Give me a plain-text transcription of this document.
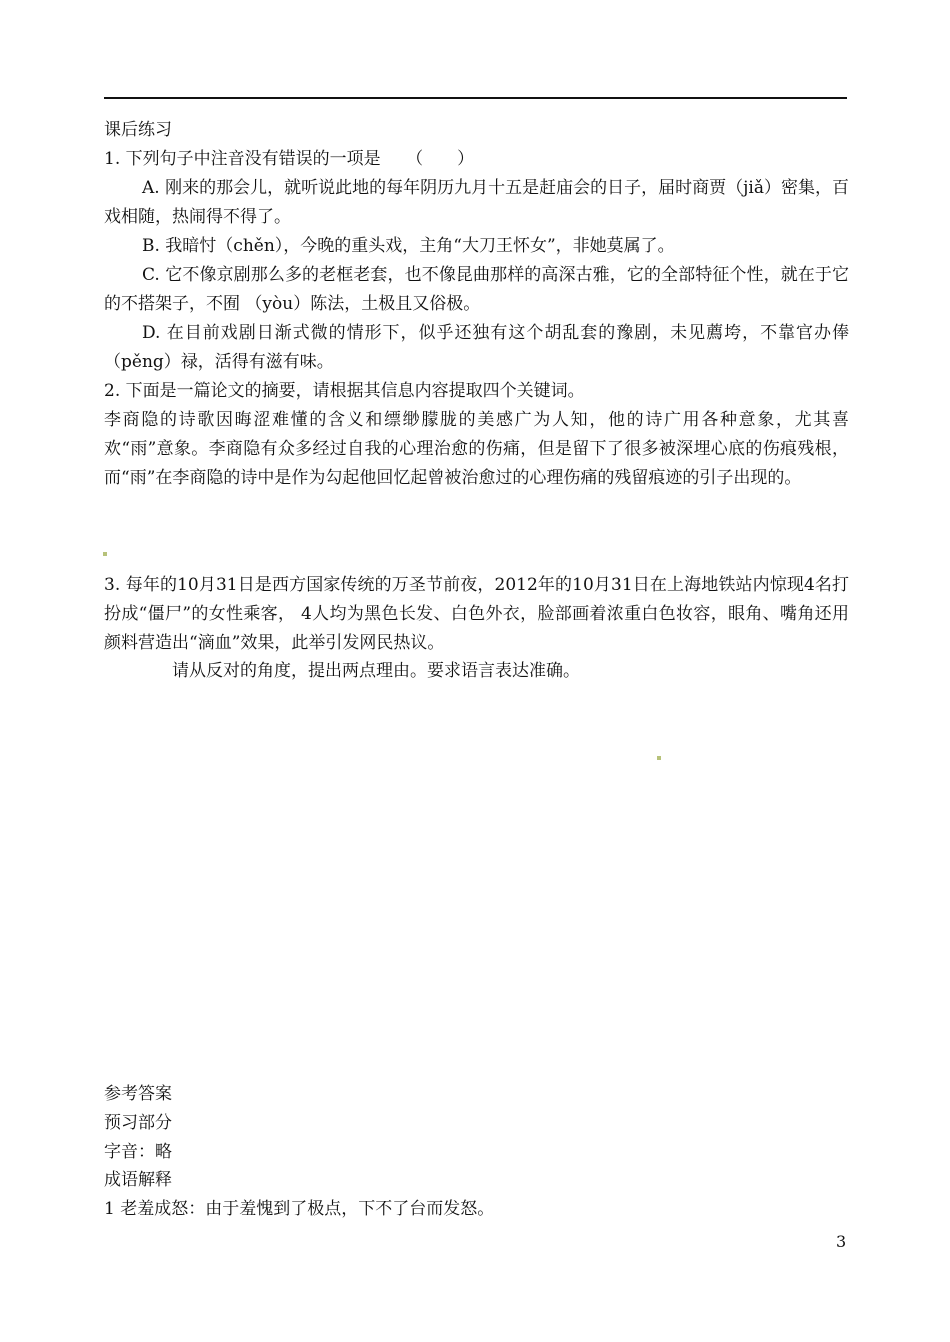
课后练习
1. 下列句子中注音没有错误的一项是　　（　　）
A. 刚来的那会儿，就听说此地的每年阴历九月十五是赶庙会的日子，届时商贾（jiǎ）密集，百戏相随，热闹得不得了。
B. 我暗忖（chěn），今晚的重头戏，主角“大刀王怀女”，非她莫属了。
C. 它不像京剧那么多的老框老套，也不像昆曲那样的高深古雅，它的全部特征个性，就在于它的不搭架子，不囿 （yòu）陈法，土极且又俗极。
D. 在目前戏剧日渐式微的情形下，似乎还独有这个胡乱套的豫剧，未见薦垮，不靠官办俸（pěng）禄，活得有滋有味。
2. 下面是一篇论文的摘要，请根据其信息内容提取四个关键词。
李商隐的诗歌因晦涩难懂的含义和缥缈朦胧的美感广为人知，他的诗广用各种意象，尤其喜欢“雨”意象。李商隐有众多经过自我的心理治愈的伤痛，但是留下了很多被深埋心底的伤痕残根，而“雨”在李商隐的诗中是作为勾起他回忆起曾被治愈过的心理伤痛的残留痕迹的引子出现的。
3. 每年的10月31日是西方国家传统的万圣节前夜，2012年的10月31日在上海地铁站内惊现4名打扮成“僵尸”的女性乘客， 4人均为黑色长发、白色外衣，脸部画着浓重白色妆容，眼角、嘴角还用颜料营造出“滴血”效果，此举引发网民热议。
请从反对的角度，提出两点理由。要求语言表达准确。
参考答案
预习部分
字音：略
成语解释
1 老羞成怒：由于羞愧到了极点，下不了台而发怒。
3
